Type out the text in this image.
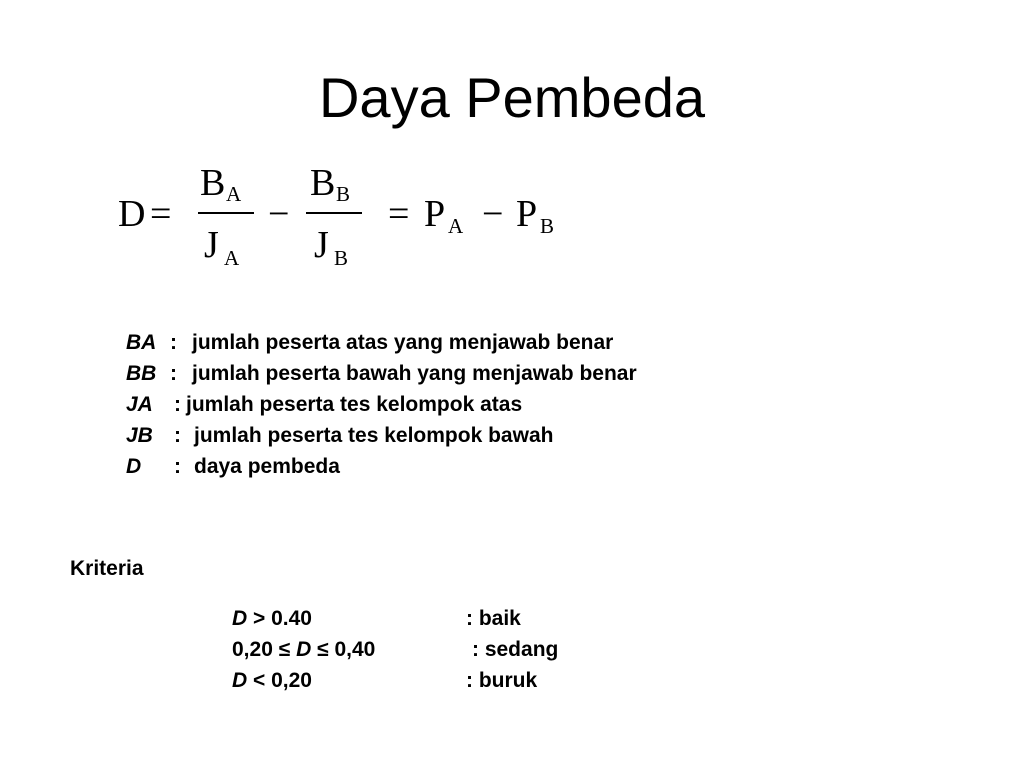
Daya Pembeda
D =
B A
J A
−
B B
J B
= P A − P B
BA : jumlah peserta atas yang menjawab benar
BB : jumlah peserta bawah yang menjawab benar
JA : jumlah peserta tes kelompok atas
JB : jumlah peserta tes kelompok bawah
D : daya pembeda
Kriteria
D > 0.40	: baik
0,20 ≤ D ≤ 0,40	: sedang
D < 0,20	: buruk
